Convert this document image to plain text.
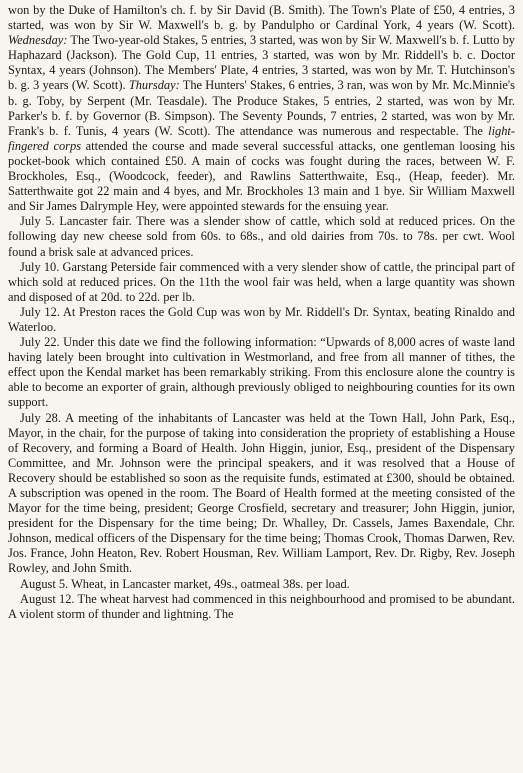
won by the Duke of Hamilton's ch. f. by Sir David (B. Smith). The Town's Plate of £50, 4 entries, 3 started, was won by Sir W. Maxwell's b. g. by Pandulpho or Cardinal York, 4 years (W. Scott). Wednesday: The Two-year-old Stakes, 5 entries, 3 started, was won by Sir W. Maxwell's b. f. Lutto by Haphazard (Jackson). The Gold Cup, 11 entries, 3 started, was won by Mr. Riddell's b. c. Doctor Syntax, 4 years (Johnson). The Members' Plate, 4 entries, 3 started, was won by Mr. T. Hutchinson's b. g. 3 years (W. Scott). Thursday: The Hunters' Stakes, 6 entries, 3 ran, was won by Mr. Mc.Minnie's b. g. Toby, by Serpent (Mr. Teasdale). The Produce Stakes, 5 entries, 2 started, was won by Mr. Parker's b. f. by Governor (B. Simpson). The Seventy Pounds, 7 entries, 2 started, was won by Mr. Frank's b. f. Tunis, 4 years (W. Scott). The attendance was numerous and respectable. The light-fingered corps attended the course and made several successful attacks, one gentleman loosing his pocket-book which contained £50. A main of cocks was fought during the races, between W. F. Brockholes, Esq., (Woodcock, feeder), and Rawlins Satterthwaite, Esq., (Heap, feeder). Mr. Satterthwaite got 22 main and 4 byes, and Mr. Brockholes 13 main and 1 bye. Sir William Maxwell and Sir James Dalrymple Hey, were appointed stewards for the ensuing year.

July 5. Lancaster fair. There was a slender show of cattle, which sold at reduced prices. On the following day new cheese sold from 60s. to 68s., and old dairies from 70s. to 78s. per cwt. Wool found a brisk sale at advanced prices.

July 10. Garstang Peterside fair commenced with a very slender show of cattle, the principal part of which sold at reduced prices. On the 11th the wool fair was held, when a large quantity was shown and disposed of at 20d. to 22d. per lb.

July 12. At Preston races the Gold Cup was won by Mr. Riddell's Dr. Syntax, beating Rinaldo and Waterloo.

July 22. Under this date we find the following information: “Upwards of 8,000 acres of waste land having lately been brought into cultivation in Westmorland, and free from all manner of tithes, the effect upon the Kendal market has been remarkably striking. From this enclosure alone the country is able to become an exporter of grain, although previously obliged to neighbouring counties for its own support.

July 28. A meeting of the inhabitants of Lancaster was held at the Town Hall, John Park, Esq., Mayor, in the chair, for the purpose of taking into consideration the propriety of establishing a House of Recovery, and forming a Board of Health. John Higgin, junior, Esq., president of the Dispensary Committee, and Mr. Johnson were the principal speakers, and it was resolved that a House of Recovery should be established so soon as the requisite funds, estimated at £300, should be obtained. A subscription was opened in the room. The Board of Health formed at the meeting consisted of the Mayor for the time being, president; George Crosfield, secretary and treasurer; John Higgin, junior, president for the Dispensary for the time being; Dr. Whalley, Dr. Cassels, James Baxendale, Chr. Johnson, medical officers of the Dispensary for the time being; Thomas Crook, Thomas Darwen, Rev. Jos. France, John Heaton, Rev. Robert Housman, Rev. William Lamport, Rev. Dr. Rigby, Rev. Joseph Rowley, and John Smith.

August 5. Wheat, in Lancaster market, 49s., oatmeal 38s. per load.

August 12. The wheat harvest had commenced in this neighbourhood and promised to be abundant. A violent storm of thunder and lightning. The
